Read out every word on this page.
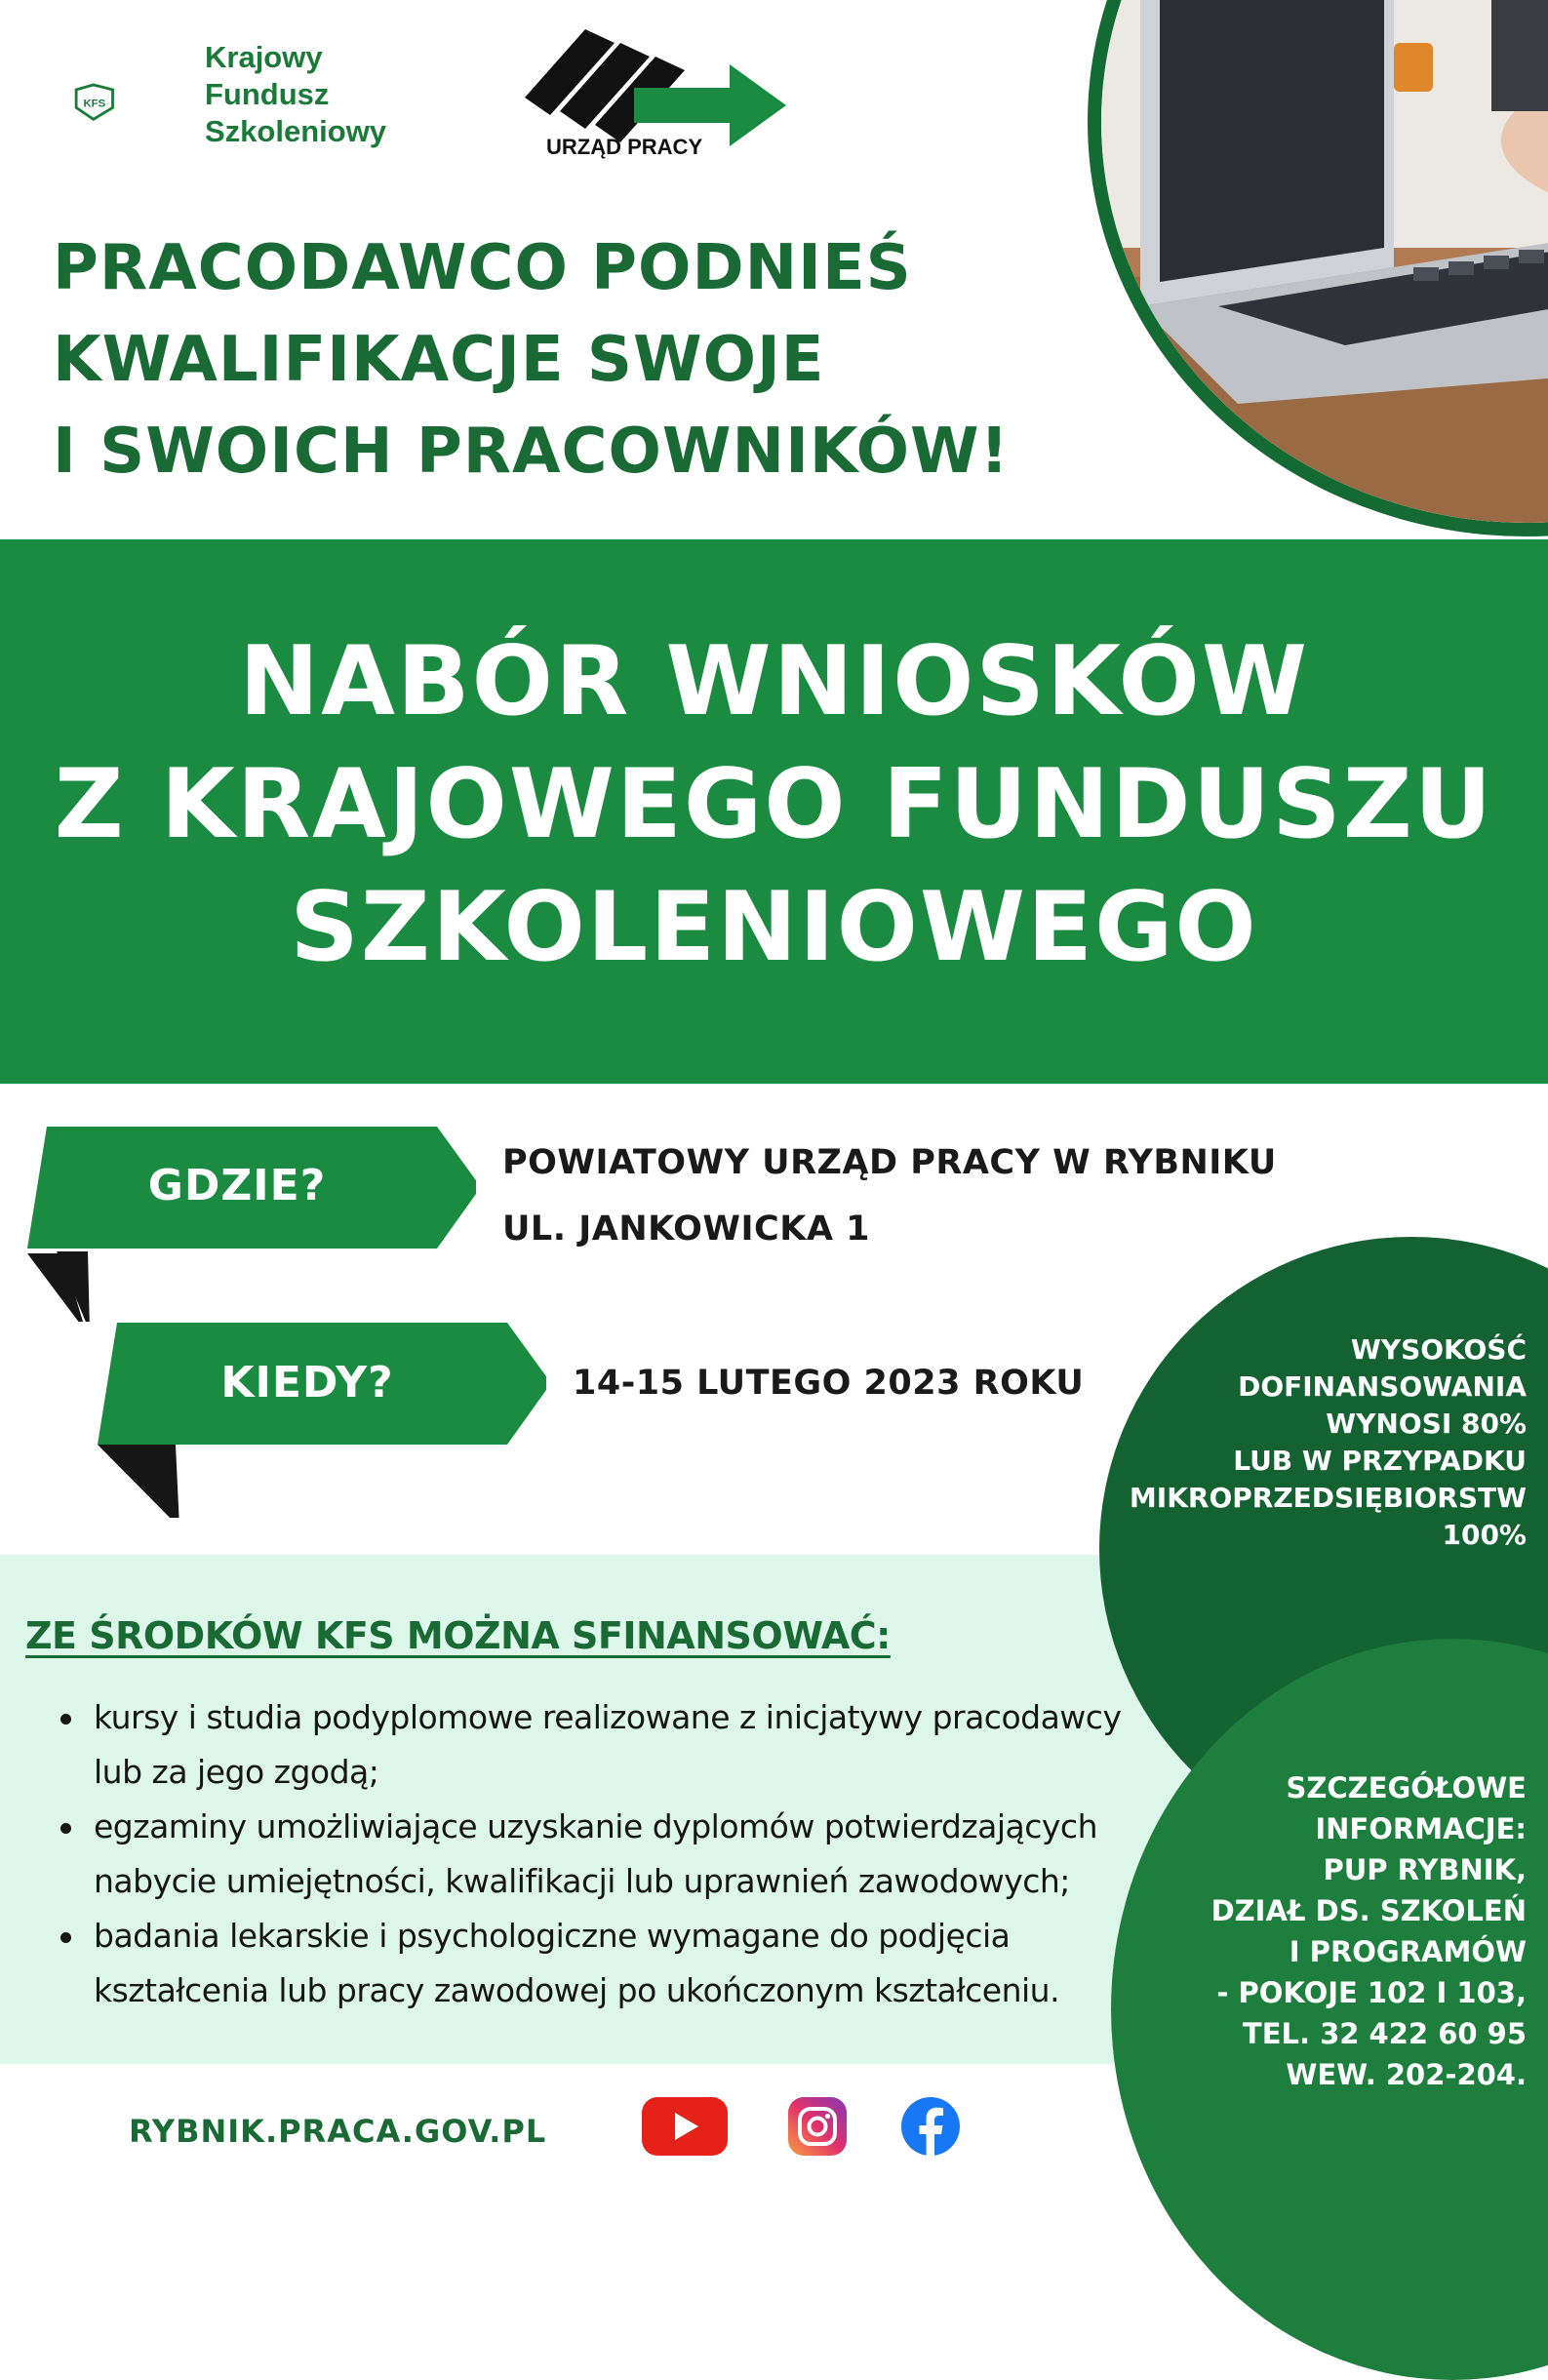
KFS
Krajowy
Fundusz
Szkoleniowy	URZĄD PRACY
PRACODAWCO PODNIEŚ
KWALIFIKACJE SWOJE
I SWOICH PRACOWNIKÓW!
NABÓR WNIOSKÓW
Z KRAJOWEGO FUNDUSZU
SZKOLENIOWEGO
GDZIE?	POWIATOWY URZĄD PRACY W RYBNIKU
UL. JANKOWICKA 1
KIEDY?	14-15 LUTEGO 2023 ROKU
ZE ŚRODKÓW KFS MOŻNA SFINANSOWAĆ:
kursy i studia podyplomowe realizowane z inicjatywy pracodawcy lub za jego zgodą;
egzaminy umożliwiające uzyskanie dyplomów potwierdzających nabycie umiejętności, kwalifikacji lub uprawnień zawodowych;
badania lekarskie i psychologiczne wymagane do podjęcia kształcenia lub pracy zawodowej po ukończonym kształceniu.
WYSOKOŚĆ
DOFINANSOWANIA
WYNOSI 80%
LUB W PRZYPADKU
MIKROPRZEDSIĘBIORSTW
100%
SZCZEGÓŁOWE
INFORMACJE:
PUP RYBNIK,
DZIAŁ DS. SZKOLEŃ
I PROGRAMÓW
- POKOJE 102 I 103,
TEL. 32 422 60 95
WEW. 202-204.
RYBNIK.PRACA.GOV.PL
